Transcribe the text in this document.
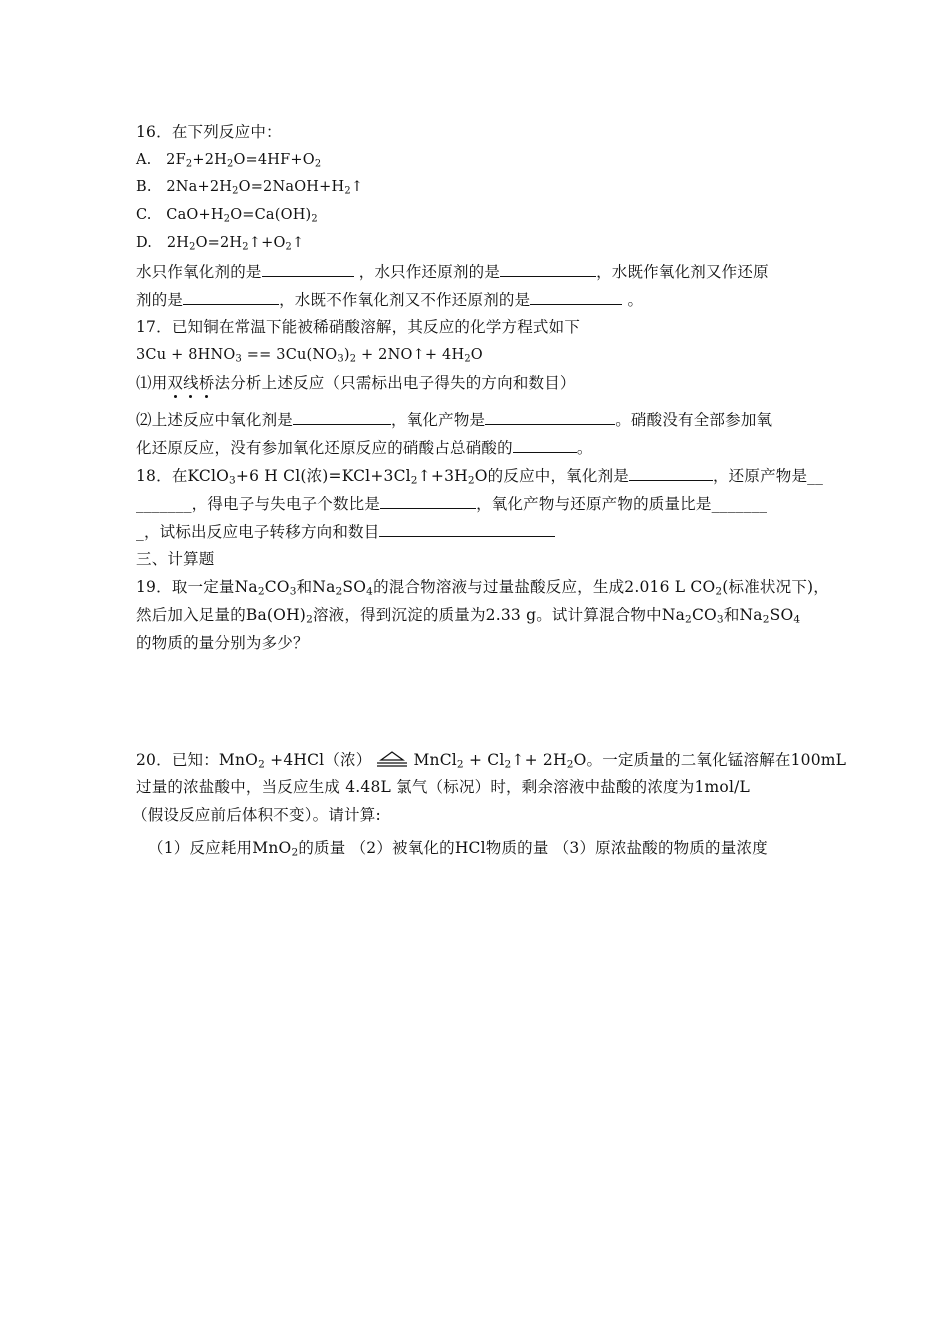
16．在下列反应中：
A.　$2F_2+2H_2O=4HF+O_2$
B.　$2Na+2H_2O=2NaOH+H_2↑$
C.　$CaO+H_2O=Ca(OH)_2$
D.　$2H_2O=2H_2↑+O_2↑$
水只作氧化剂的是	，水只作还原剂的是	，水既作氧化剂又作还原
剂的是	，水既不作氧化剂又不作还原剂的是	。
17．已知铜在常温下能被稀硝酸溶解，其反应的化学方程式如下
$3Cu + 8HNO_3 == 3Cu(NO_3)_2$ + 2NO↑+ $4H_2O$
⑴用双线桥法分析上述反应（只需标出电子得失的方向和数目）
⑵上述反应中氧化剂是	，氧化产物是	。硝酸没有全部参加氧
化还原反应，没有参加氧化还原反应的硝酸占总硝酸的	。
18．在KClO$_3$+6 H Cl(浓)$=KCl+3Cl_2↑+3H_2O$的反应中，氧化剂是	，还原产物是__
_______，得电子与失电子个数比是	，氧化产物与还原产物的质量比是_______
_，试标出反应电子转移方向和数目
三、计算题
19．取一定量$Na_2CO_3$和$Na_2SO_4$的混合物溶液与过量盐酸反应，生成2.016 L $CO_2$(标准状况下)，
然后加入足量的$Ba(OH)_2$溶液，得到沉淀的质量为2.33 g。试计算混合物中$Na_2CO_3$和$Na_2SO_4$
的物质的量分别为多少？
20．已知：MnO$_2$ +4HCl（浓）	MnCl$_2$ + $Cl_2↑+ 2H_2O$。一定质量的二氧化锰溶解在100mL
过量的浓盐酸中，当反应生成 4.48L 氯气（标况）时，剩余溶液中盐酸的浓度为1mol/L
（假设反应前后体积不变）。请计算:
（1）反应耗用MnO$_2$的质量 （2）被氧化的HCl物质的量 （3）原浓盐酸的物质的量浓度
